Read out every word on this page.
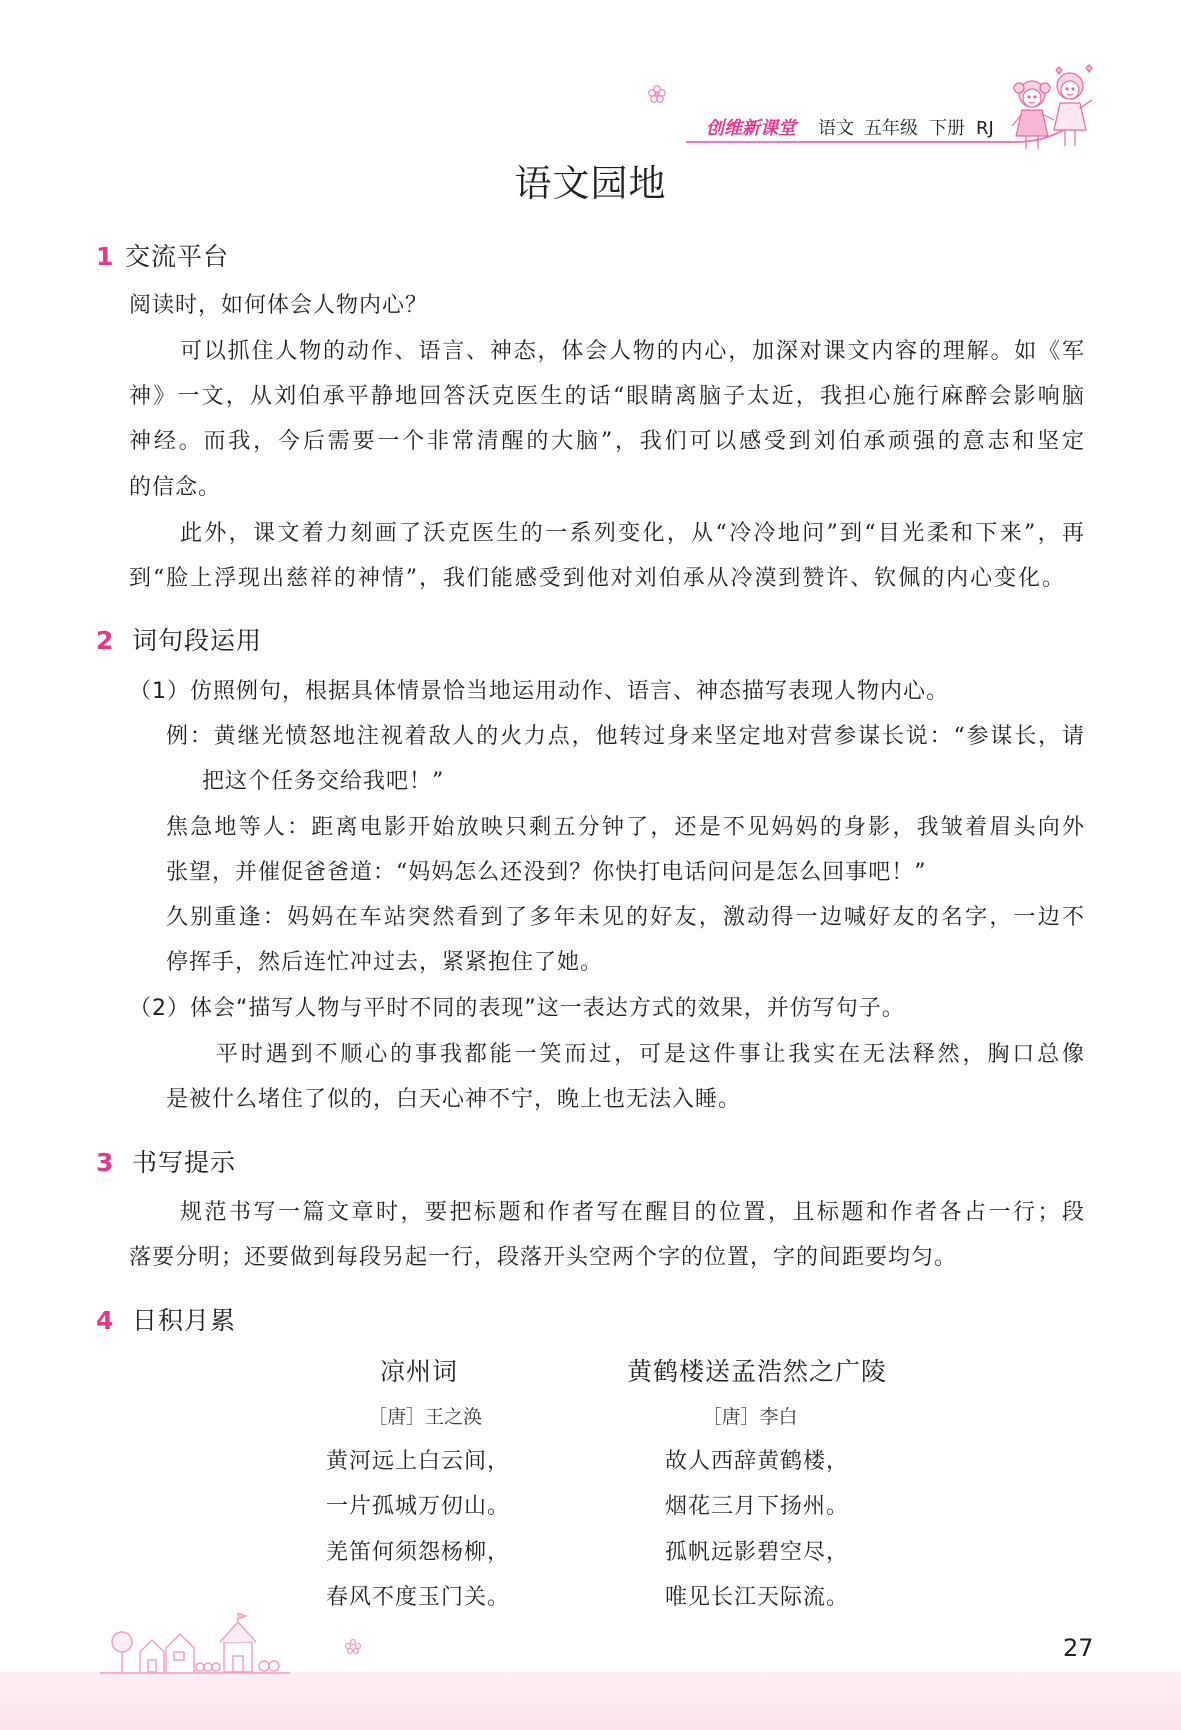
创维新课堂 语文 五年级 下册 RJ
语文园地
1 交流平台
阅读时，如何体会人物内心？
可以抓住人物的动作、语言、神态，体会人物的内心，加深对课文内容的理解。如《军
神》一文，从刘伯承平静地回答沃克医生的话“眼睛离脑子太近，我担心施行麻醉会影响脑
神经。而我，今后需要一个非常清醒的大脑”，我们可以感受到刘伯承顽强的意志和坚定
的信念。
此外，课文着力刻画了沃克医生的一系列变化，从“冷冷地问”到“目光柔和下来”，再
到“脸上浮现出慈祥的神情”，我们能感受到他对刘伯承从冷漠到赞许、钦佩的内心变化。
2 词句段运用
（1）仿照例句，根据具体情景恰当地运用动作、语言、神态描写表现人物内心。
例：黄继光愤怒地注视着敌人的火力点，他转过身来坚定地对营参谋长说：“参谋长，请
把这个任务交给我吧！”
焦急地等人：距离电影开始放映只剩五分钟了，还是不见妈妈的身影，我皱着眉头向外
张望，并催促爸爸道：“妈妈怎么还没到？你快打电话问问是怎么回事吧！”
久别重逢：妈妈在车站突然看到了多年未见的好友，激动得一边喊好友的名字，一边不
停挥手，然后连忙冲过去，紧紧抱住了她。
（2）体会“描写人物与平时不同的表现”这一表达方式的效果，并仿写句子。
平时遇到不顺心的事我都能一笑而过，可是这件事让我实在无法释然，胸口总像
是被什么堵住了似的，白天心神不宁，晚上也无法入睡。
3 书写提示
规范书写一篇文章时，要把标题和作者写在醒目的位置，且标题和作者各占一行；段
落要分明；还要做到每段另起一行，段落开头空两个字的位置，字的间距要均匀。
4 日积月累
凉州词
［唐］王之涣
黄河远上白云间，
一片孤城万仞山。
羌笛何须怨杨柳，
春风不度玉门关。
黄鹤楼送孟浩然之广陵
［唐］李白
故人西辞黄鹤楼，
烟花三月下扬州。
孤帆远影碧空尽，
唯见长江天际流。
27
